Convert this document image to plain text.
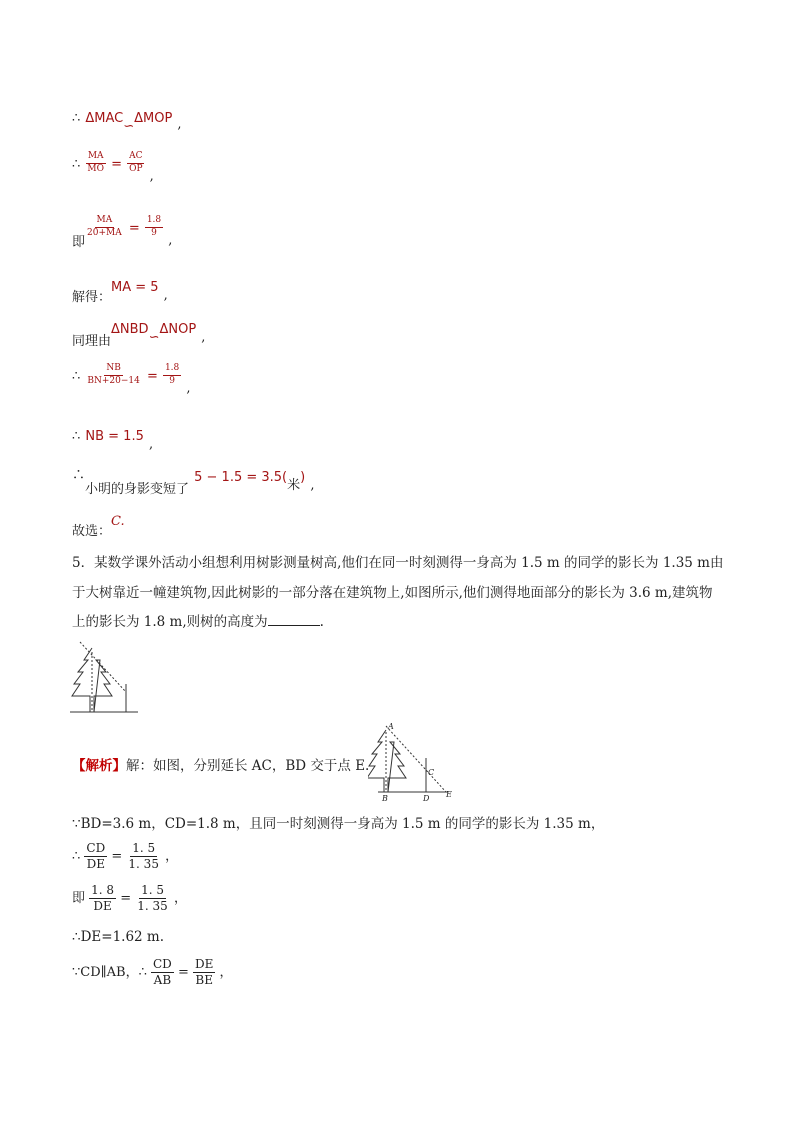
∴ $\Delta MAC_∽\Delta MOP$ $_,$
∴ $\frac{MA}{MO} = \frac{AC}{OP}$
$_,$
$_即$
$\frac{MA}{20+MA} = \frac{1.8}{9}$
$_,$
$_{解得:}$MA = 5 $_,$
$_{同理由}\Delta NBD_∽\Delta NOP$ $_,$
∴ $\frac{NB}{BN+20-14} = \frac{1.8}{9}$
$_,$
∴ NB = 1.5 $_,$
$\therefore_{小明的身影变短了}$ $5 - 1.5 = 3.5(_米)$ $_,$
$_{故选:}$C.
5．某数学课外活动小组想利用树影测量树高,他们在同一时刻测得一身高为 1.5 m 的同学的影长为 1.35 m由
于大树靠近一幢建筑物,因此树影的一部分落在建筑物上,如图所示,他们测得地面部分的影长为 3.6 m,建筑物
上的影长为 1.8 m,则树的高度为	.
【解析】解：如图，分别延长 AC，BD 交于点 E.
A
B
C
D E
∵BD=3.6 m，CD=1.8 m，且同一时刻测得一身高为 1.5 m 的同学的影长为 1.35 m，
∴ $\frac{CD}{DE} = \frac{1. 5}{1. 35}$ ，
即 $\frac{1. 8}{DE} = \frac{1. 5}{1. 35}$ ，
∴DE=1.62 m.
∵CD∥AB，∴ $\frac{CD}{AB} = \frac{DE}{BE}$ ，
